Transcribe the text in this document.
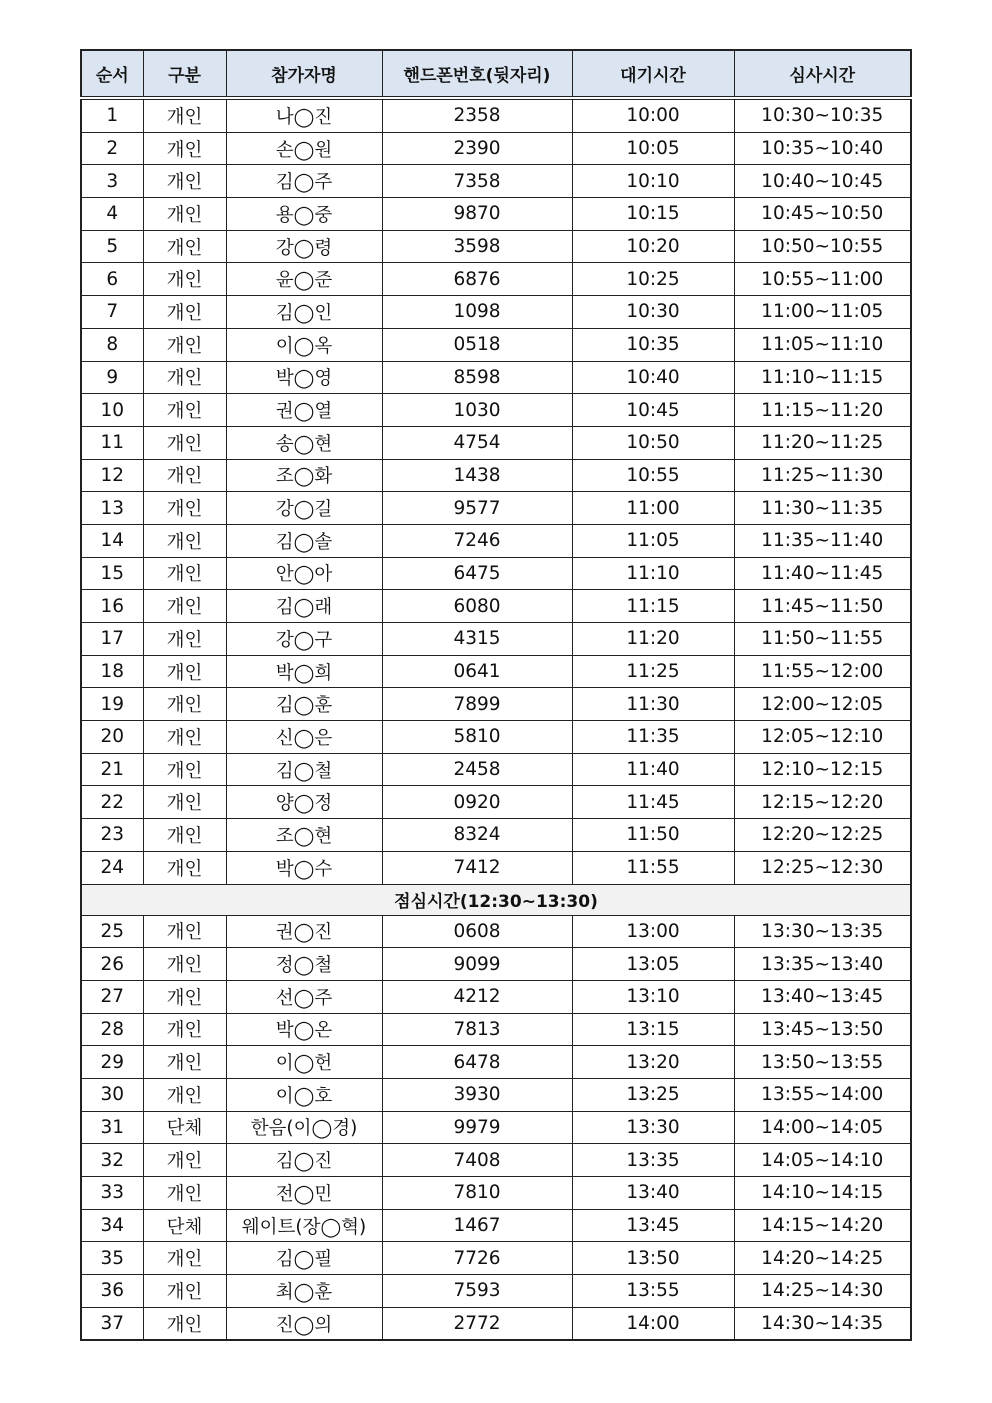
순서	구분	참가자명	핸드폰번호(뒷자리)	대기시간	심사시간
1	개인	나◯진	2358	10:00	10:30~10:35
2	개인	손◯원	2390	10:05	10:35~10:40
3	개인	김◯주	7358	10:10	10:40~10:45
4	개인	용◯중	9870	10:15	10:45~10:50
5	개인	강◯령	3598	10:20	10:50~10:55
6	개인	윤◯준	6876	10:25	10:55~11:00
7	개인	김◯인	1098	10:30	11:00~11:05
8	개인	이◯옥	0518	10:35	11:05~11:10
9	개인	박◯영	8598	10:40	11:10~11:15
10	개인	권◯열	1030	10:45	11:15~11:20
11	개인	송◯현	4754	10:50	11:20~11:25
12	개인	조◯화	1438	10:55	11:25~11:30
13	개인	강◯길	9577	11:00	11:30~11:35
14	개인	김◯솔	7246	11:05	11:35~11:40
15	개인	안◯아	6475	11:10	11:40~11:45
16	개인	김◯래	6080	11:15	11:45~11:50
17	개인	강◯구	4315	11:20	11:50~11:55
18	개인	박◯희	0641	11:25	11:55~12:00
19	개인	김◯훈	7899	11:30	12:00~12:05
20	개인	신◯은	5810	11:35	12:05~12:10
21	개인	김◯철	2458	11:40	12:10~12:15
22	개인	양◯정	0920	11:45	12:15~12:20
23	개인	조◯현	8324	11:50	12:20~12:25
24	개인	박◯수	7412	11:55	12:25~12:30
점심시간(12:30~13:30)					
25	개인	권◯진	0608	13:00	13:30~13:35
26	개인	정◯철	9099	13:05	13:35~13:40
27	개인	선◯주	4212	13:10	13:40~13:45
28	개인	박◯온	7813	13:15	13:45~13:50
29	개인	이◯헌	6478	13:20	13:50~13:55
30	개인	이◯호	3930	13:25	13:55~14:00
31	단체	한음(이◯경)	9979	13:30	14:00~14:05
32	개인	김◯진	7408	13:35	14:05~14:10
33	개인	전◯민	7810	13:40	14:10~14:15
34	단체	웨이트(장◯혁)	1467	13:45	14:15~14:20
35	개인	김◯필	7726	13:50	14:20~14:25
36	개인	최◯훈	7593	13:55	14:25~14:30
37	개인	진◯의	2772	14:00	14:30~14:35
